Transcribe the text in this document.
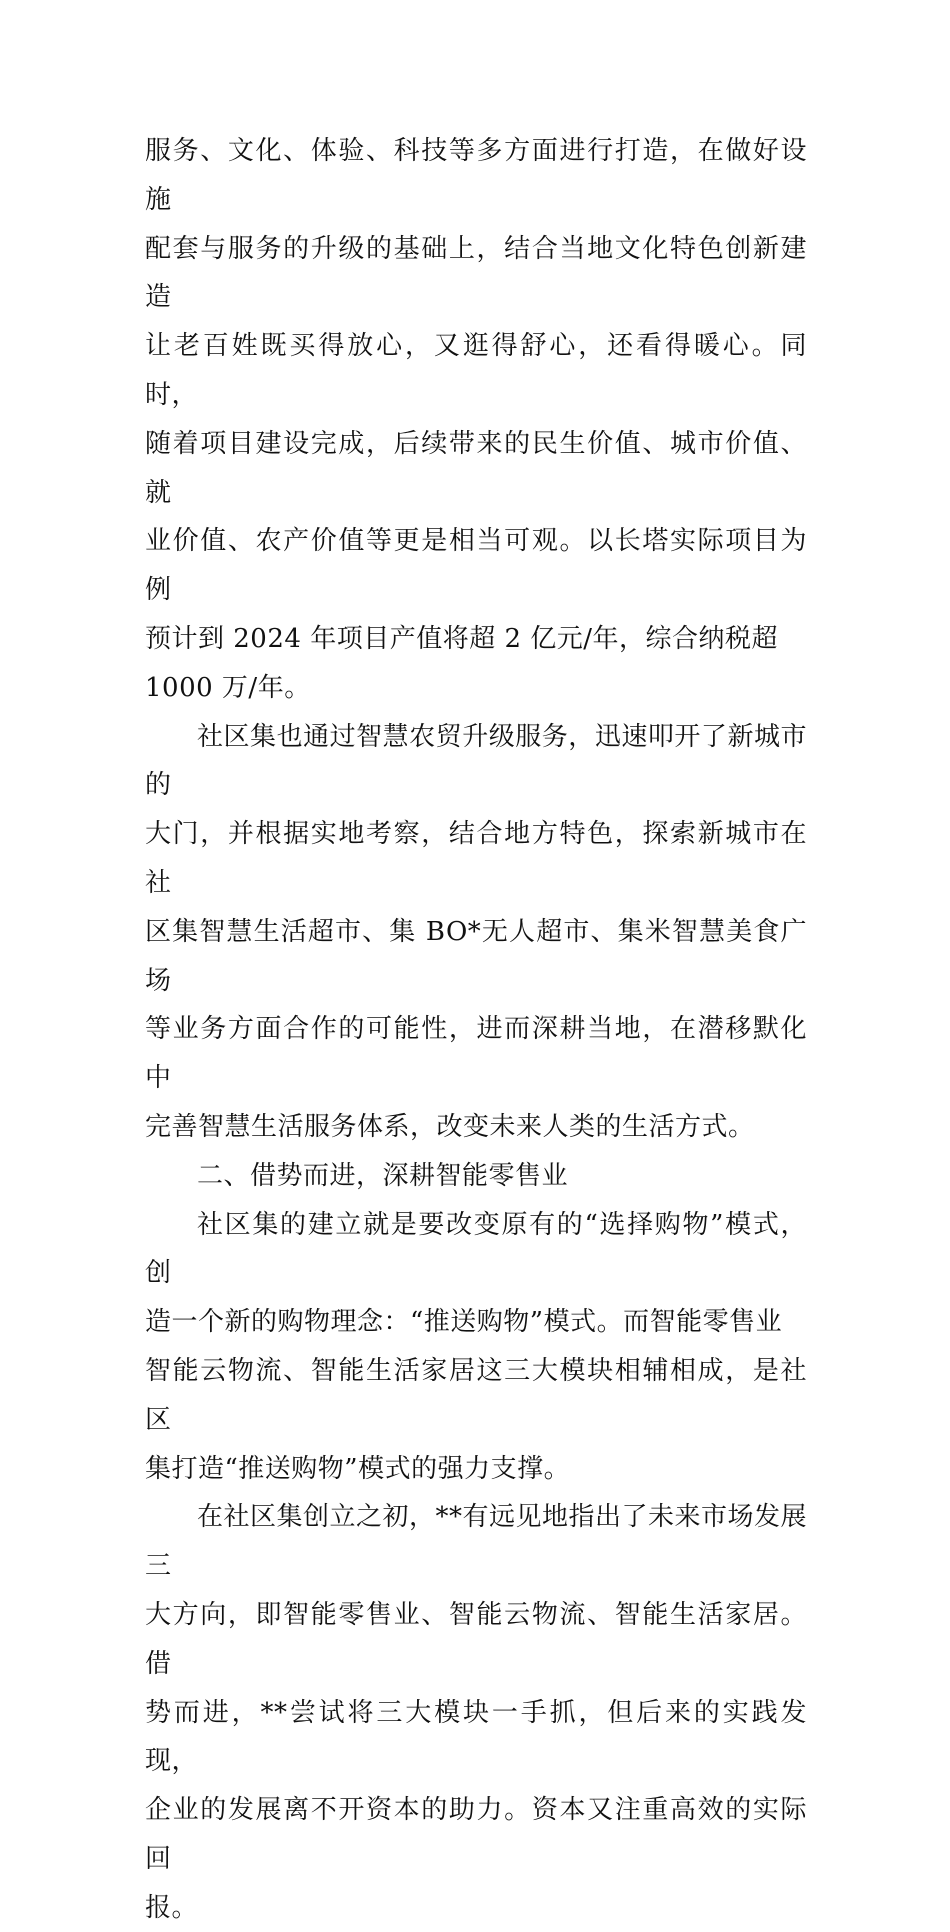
服务、文化、体验、科技等多方面进行打造，在做好设施
配套与服务的升级的基础上，结合当地文化特色创新建造
让老百姓既买得放心，又逛得舒心，还看得暖心。同时，
随着项目建设完成，后续带来的民生价值、城市价值、就
业价值、农产价值等更是相当可观。以长塔实际项目为例
预计到 2024 年项目产值将超 2 亿元/年，综合纳税超
1000 万/年。

社区集也通过智慧农贸升级服务，迅速叩开了新城市的
大门，并根据实地考察，结合地方特色，探索新城市在社
区集智慧生活超市、集 BO*无人超市、集米智慧美食广场
等业务方面合作的可能性，进而深耕当地，在潜移默化中
完善智慧生活服务体系，改变未来人类的生活方式。

二、借势而进，深耕智能零售业

社区集的建立就是要改变原有的“选择购物”模式，创
造一个新的购物理念：“推送购物”模式。而智能零售业
智能云物流、智能生活家居这三大模块相辅相成，是社区
集打造“推送购物”模式的强力支撑。

在社区集创立之初，**有远见地指出了未来市场发展三
大方向，即智能零售业、智能云物流、智能生活家居。借
势而进，**尝试将三大模块一手抓，但后来的实践发现，
企业的发展离不开资本的助力。资本又注重高效的实际回
报。
